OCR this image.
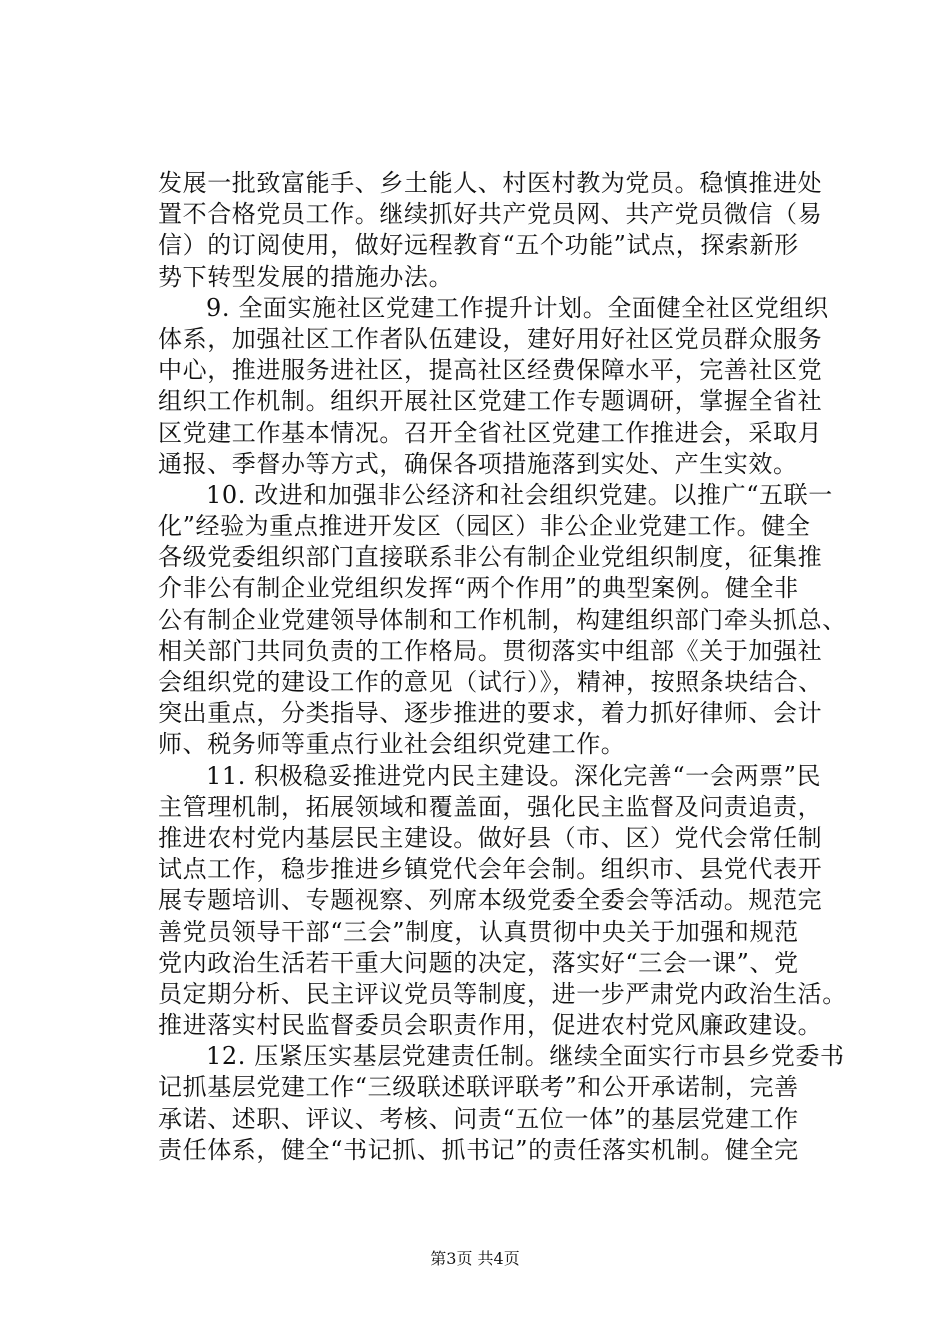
发展一批致富能手、乡土能人、村医村教为党员。稳慎推进处
置不合格党员工作。继续抓好共产党员网、共产党员微信（易
信）的订阅使用，做好远程教育“五个功能”试点，探索新形
势下转型发展的措施办法。
9. 全面实施社区党建工作提升计划。全面健全社区党组织
体系，加强社区工作者队伍建设，建好用好社区党员群众服务
中心，推进服务进社区，提高社区经费保障水平，完善社区党
组织工作机制。组织开展社区党建工作专题调研，掌握全省社
区党建工作基本情况。召开全省社区党建工作推进会，采取月
通报、季督办等方式，确保各项措施落到实处、产生实效。
10. 改进和加强非公经济和社会组织党建。以推广“五联一
化”经验为重点推进开发区（园区）非公企业党建工作。健全
各级党委组织部门直接联系非公有制企业党组织制度，征集推
介非公有制企业党组织发挥“两个作用”的典型案例。健全非
公有制企业党建领导体制和工作机制，构建组织部门牵头抓总、
相关部门共同负责的工作格局。贯彻落实中组部《关于加强社
会组织党的建设工作的意见（试行）》，精神，按照条块结合、
突出重点，分类指导、逐步推进的要求，着力抓好律师、会计
师、税务师等重点行业社会组织党建工作。
11. 积极稳妥推进党内民主建设。深化完善“一会两票”民
主管理机制，拓展领域和覆盖面，强化民主监督及问责追责，
推进农村党内基层民主建设。做好县（市、区）党代会常任制
试点工作，稳步推进乡镇党代会年会制。组织市、县党代表开
展专题培训、专题视察、列席本级党委全委会等活动。规范完
善党员领导干部“三会”制度，认真贯彻中央关于加强和规范
党内政治生活若干重大问题的决定，落实好“三会一课”、党
员定期分析、民主评议党员等制度，进一步严肃党内政治生活。
推进落实村民监督委员会职责作用，促进农村党风廉政建设。
12. 压紧压实基层党建责任制。继续全面实行市县乡党委书
记抓基层党建工作“三级联述联评联考”和公开承诺制，完善
承诺、述职、评议、考核、问责“五位一体”的基层党建工作
责任体系，健全“书记抓、抓书记”的责任落实机制。健全完
第3页 共4页
